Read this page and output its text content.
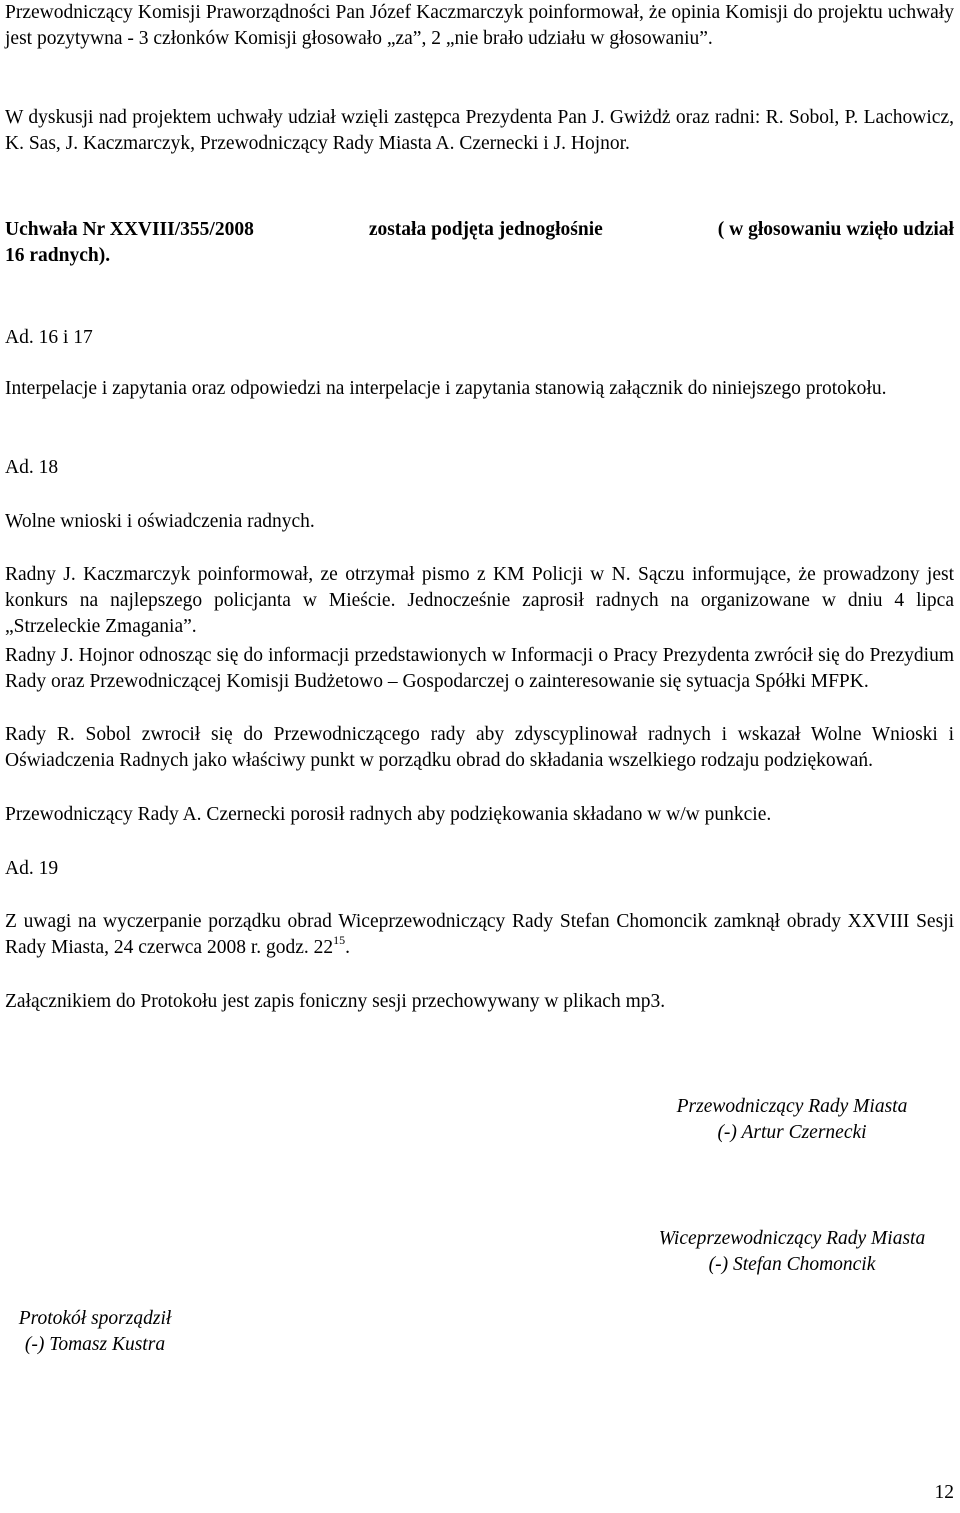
Przewodniczący Komisji Praworządności Pan Józef Kaczmarczyk poinformował, że opinia Komisji do projektu uchwały jest pozytywna - 3 członków Komisji głosowało „za”, 2 „nie brało udziału w głosowaniu”.

W dyskusji nad projektem uchwały udział wzięli zastępca Prezydenta Pan J. Gwiżdż oraz radni: R. Sobol, P. Lachowicz, K. Sas, J. Kaczmarczyk, Przewodniczący Rady Miasta A. Czernecki i J. Hojnor.

Uchwała Nr XXVIII/355/2008	została podjęta jednogłośnie	( w głosowaniu wzięło udział
16 radnych).

Ad. 16 i 17

Interpelacje i zapytania oraz odpowiedzi na interpelacje i zapytania stanowią załącznik do niniejszego protokołu.

Ad. 18

Wolne wnioski i oświadczenia radnych.

Radny J. Kaczmarczyk poinformował, ze otrzymał pismo z KM Policji w N. Sączu informujące, że prowadzony jest konkurs na najlepszego policjanta w Mieście. Jednocześnie zaprosił radnych na organizowane w dniu 4 lipca „Strzeleckie Zmagania”.

Radny J. Hojnor odnosząc się do informacji przedstawionych w Informacji o Pracy Prezydenta zwrócił się do Prezydium Rady oraz Przewodniczącej Komisji Budżetowo – Gospodarczej o zainteresowanie się sytuacja Spółki MFPK.

Rady R. Sobol zwrocił się do Przewodniczącego rady aby zdyscyplinował radnych i wskazał Wolne Wnioski i Oświadczenia Radnych jako właściwy punkt w porządku obrad do składania wszelkiego rodzaju podziękowań.

Przewodniczący Rady A. Czernecki porosił radnych aby podziękowania składano w w/w punkcie.

Ad. 19

Z uwagi na wyczerpanie porządku obrad Wiceprzewodniczący Rady Stefan Chomoncik zamknął obrady XXVIII Sesji Rady Miasta, 24 czerwca 2008 r. godz. $22^{15}$.

Załącznikiem do Protokołu jest zapis foniczny sesji przechowywany w plikach mp3.

Przewodniczący Rady Miasta
(-) Artur Czernecki
Wiceprzewodniczący Rady Miasta
(-) Stefan Chomoncik
Protokół sporządził
(-) Tomasz Kustra
12
